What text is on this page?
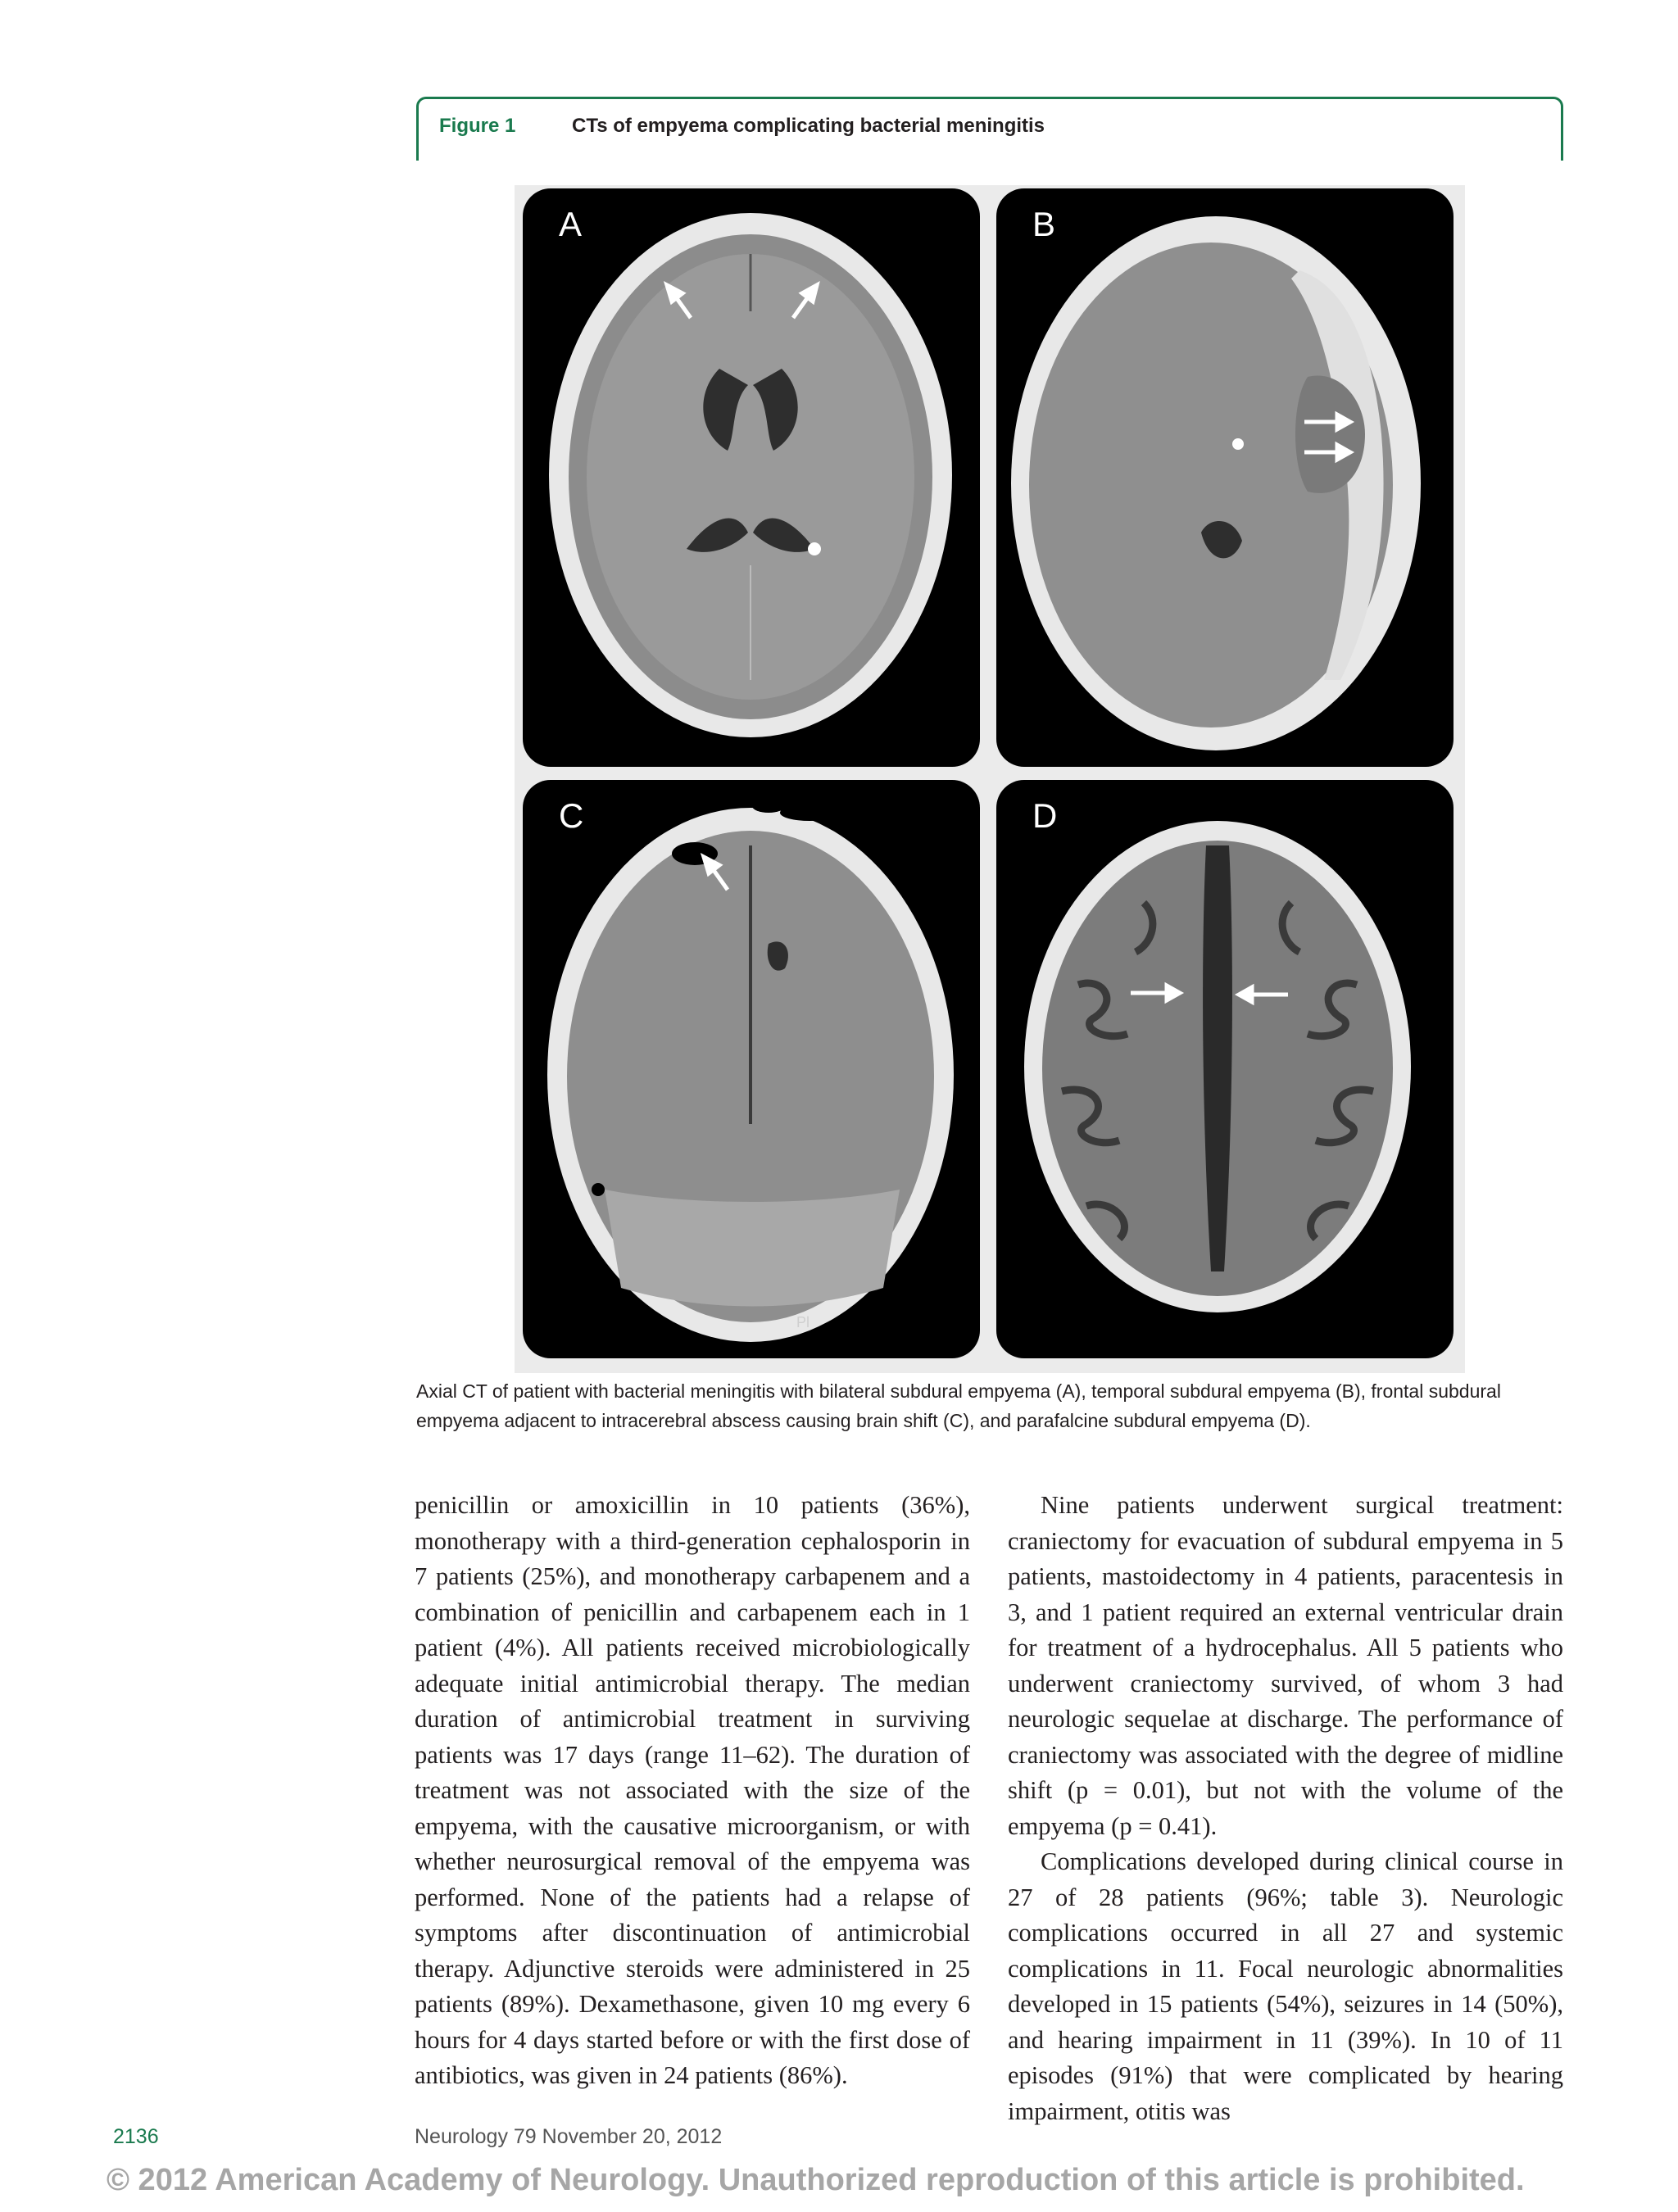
Figure 1	CTs of empyema complicating bacterial meningitis
A	B
C
Pl
D
Axial CT of patient with bacterial meningitis with bilateral subdural empyema (A), temporal subdural empyema (B), frontal subdural empyema adjacent to intracerebral abscess causing brain shift (C), and parafalcine subdural empyema (D).

penicillin or amoxicillin in 10 patients (36%), monotherapy with a third-generation cephalosporin in 7 patients (25%), and monotherapy carbapenem and a combination of penicillin and carbapenem each in 1 patient (4%). All patients received microbiologically adequate initial antimicrobial therapy. The median duration of antimicrobial treatment in surviving patients was 17 days (range 11–62). The duration of treatment was not associated with the size of the empyema, with the causative microorganism, or with whether neurosurgical removal of the empyema was performed. None of the patients had a relapse of symptoms after discontinuation of antimicrobial therapy. Adjunctive steroids were administered in 25 patients (89%). Dexamethasone, given 10 mg every 6 hours for 4 days started before or with the first dose of antibiotics, was given in 24 patients (86%).

Nine patients underwent surgical treatment: craniectomy for evacuation of subdural empyema in 5 patients, mastoidectomy in 4 patients, paracentesis in 3, and 1 patient required an external ventricular drain for treatment of a hydrocephalus. All 5 patients who underwent craniectomy survived, of whom 3 had neurologic sequelae at discharge. The performance of craniectomy was associated with the degree of midline shift (p = 0.01), but not with the volume of the empyema (p = 0.41).

Complications developed during clinical course in 27 of 28 patients (96%; table 3). Neurologic complications occurred in all 27 and systemic complications in 11. Focal neurologic abnormalities developed in 15 patients (54%), seizures in 14 (50%), and hearing impairment in 11 (39%). In 10 of 11 episodes (91%) that were complicated by hearing impairment, otitis was

2136	Neurology 79 November 20, 2012
© 2012 American Academy of Neurology. Unauthorized reproduction of this article is prohibited.
